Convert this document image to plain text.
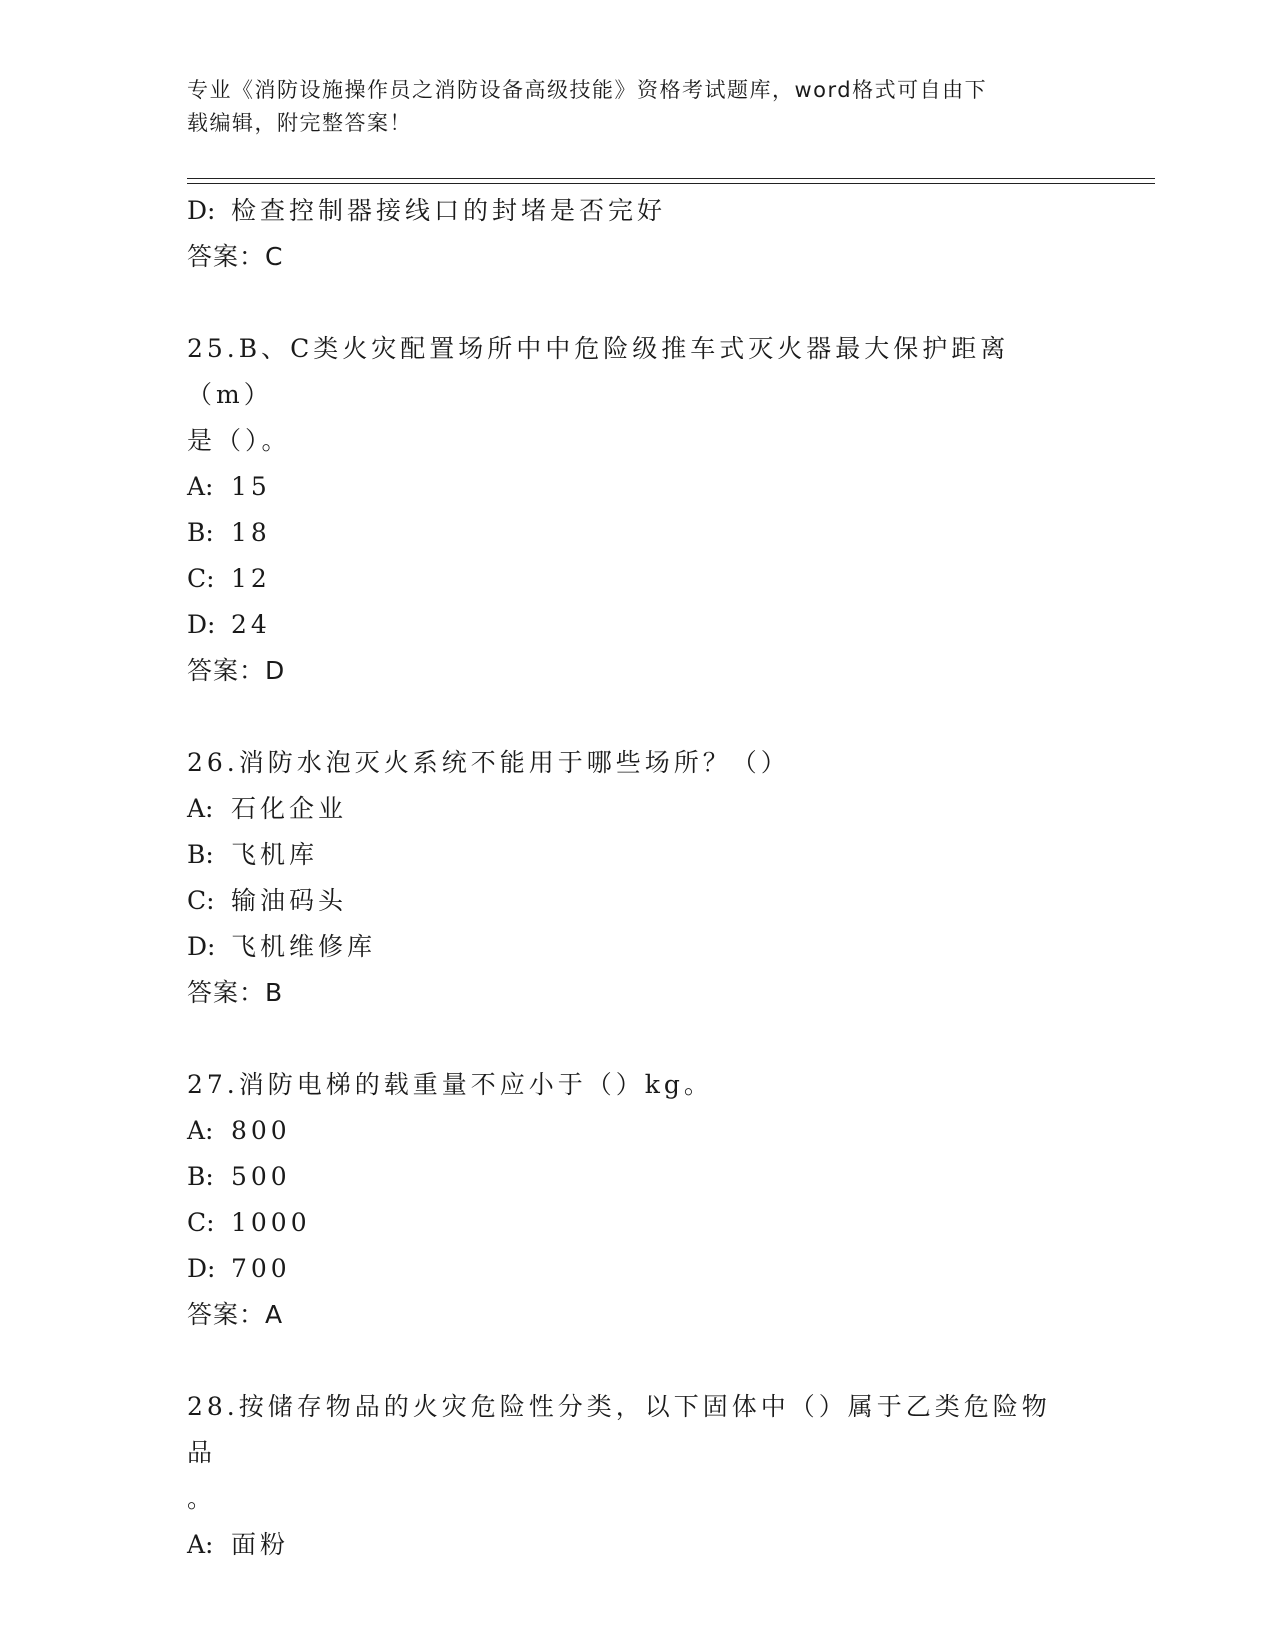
专业《消防设施操作员之消防设备高级技能》资格考试题库，word格式可自由下
载编辑，附完整答案！
D: 检查控制器接线口的封堵是否完好
答案：C
25.B、C类火灾配置场所中中危险级推车式灭火器最大保护距离（m）
是（）。
A: 15
B: 18
C: 12
D: 24
答案：D
26.消防水泡灭火系统不能用于哪些场所？（）
A: 石化企业
B: 飞机库
C: 输油码头
D: 飞机维修库
答案：B
27.消防电梯的载重量不应小于（）kg。
A: 800
B: 500
C: 1000
D: 700
答案：A
28.按储存物品的火灾危险性分类，以下固体中（）属于乙类危险物品
。
A: 面粉
